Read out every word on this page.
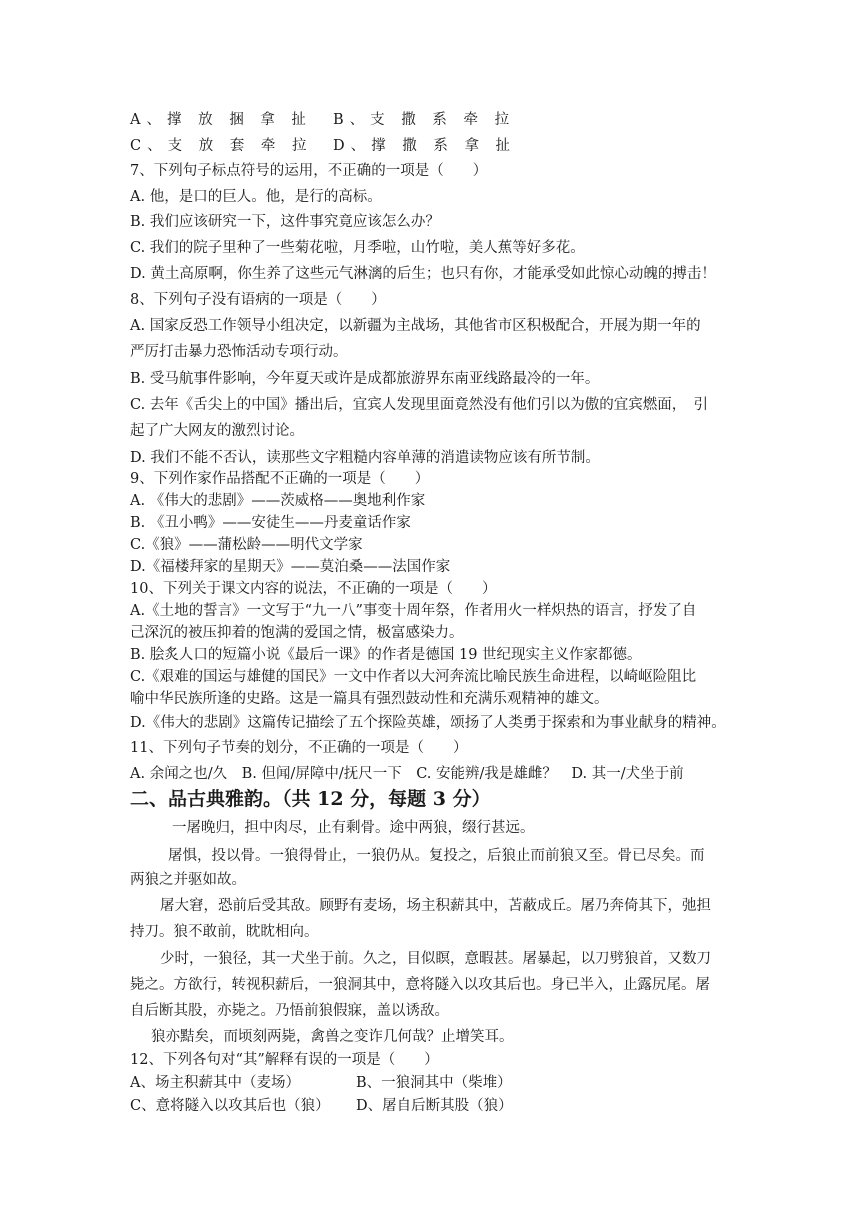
A、撑 放 捆 拿 扯 B、支 撒 系 牵 拉
C、支 放 套 牵 拉 D、撑 撒 系 拿 扯
7、下列句子标点符号的运用，不正确的一项是（　　）
A. 他，是口的巨人。他，是行的高标。
B. 我们应该研究一下，这件事究竟应该怎么办？
C. 我们的院子里种了一些菊花啦，月季啦，山竹啦，美人蕉等好多花。
D. 黄土高原啊，你生养了这些元气淋漓的后生；也只有你，才能承受如此惊心动魄的搏击！
8、下列句子没有语病的一项是（　　）
A. 国家反恐工作领导小组决定，以新疆为主战场，其他省市区积极配合，开展为期一年的
严厉打击暴力恐怖活动专项行动。
B. 受马航事件影响，今年夏天或许是成都旅游界东南亚线路最冷的一年。
C. 去年《舌尖上的中国》播出后，宜宾人发现里面竟然没有他们引以为傲的宜宾燃面，　引
起了广大网友的激烈讨论。
D. 我们不能不否认，读那些文字粗糙内容单薄的消遣读物应该有所节制。
9、下列作家作品搭配不正确的一项是（　　）
A. 《伟大的悲剧》——茨威格——奥地利作家
B. 《丑小鸭》——安徒生——丹麦童话作家
C.《狼》——蒲松龄——明代文学家
D.《福楼拜家的星期天》——莫泊桑——法国作家
10、下列关于课文内容的说法，不正确的一项是（　　）
A.《土地的誓言》一文写于“九一八”事变十周年祭，作者用火一样炽热的语言，抒发了自
己深沉的被压抑着的饱满的爱国之情，极富感染力。
B. 脍炙人口的短篇小说《最后一课》的作者是德国 19 世纪现实主义作家都德。
C.《艰难的国运与雄健的国民》一文中作者以大河奔流比喻民族生命进程，以崎岖险阻比
喻中华民族所逢的史路。这是一篇具有强烈鼓动性和充满乐观精神的雄文。
D.《伟大的悲剧》这篇传记描绘了五个探险英雄，颂扬了人类勇于探索和为事业献身的精神。
11、下列句子节奏的划分，不正确的一项是（　　）
A. 余闻之也/久　B. 但闻/屏障中/抚尺一下　C. 安能辨/我是雄雌？　D. 其一/犬坐于前
二、品古典雅韵。（共 12 分，每题 3 分）
一屠晚归，担中肉尽，止有剩骨。途中两狼，缀行甚远。
屠惧，投以骨。一狼得骨止，一狼仍从。复投之，后狼止而前狼又至。骨已尽矣。而
两狼之并驱如故。
屠大窘，恐前后受其敌。顾野有麦场，场主积薪其中，苫蔽成丘。屠乃奔倚其下，弛担
持刀。狼不敢前，眈眈相向。
少时，一狼径，其一犬坐于前。久之，目似瞑，意暇甚。屠暴起，以刀劈狼首，又数刀
毙之。方欲行，转视积薪后，一狼洞其中，意将隧入以攻其后也。身已半入，止露尻尾。屠
自后断其股，亦毙之。乃悟前狼假寐，盖以诱敌。
狼亦黠矣，而顷刻两毙，禽兽之变诈几何哉？止增笑耳。
12、下列各句对“其”解释有误的一项是（　　）
A、场主积薪其中（麦场）	B、一狼洞其中（柴堆）
C、意将隧入以攻其后也（狼） D、屠自后断其股（狼）
